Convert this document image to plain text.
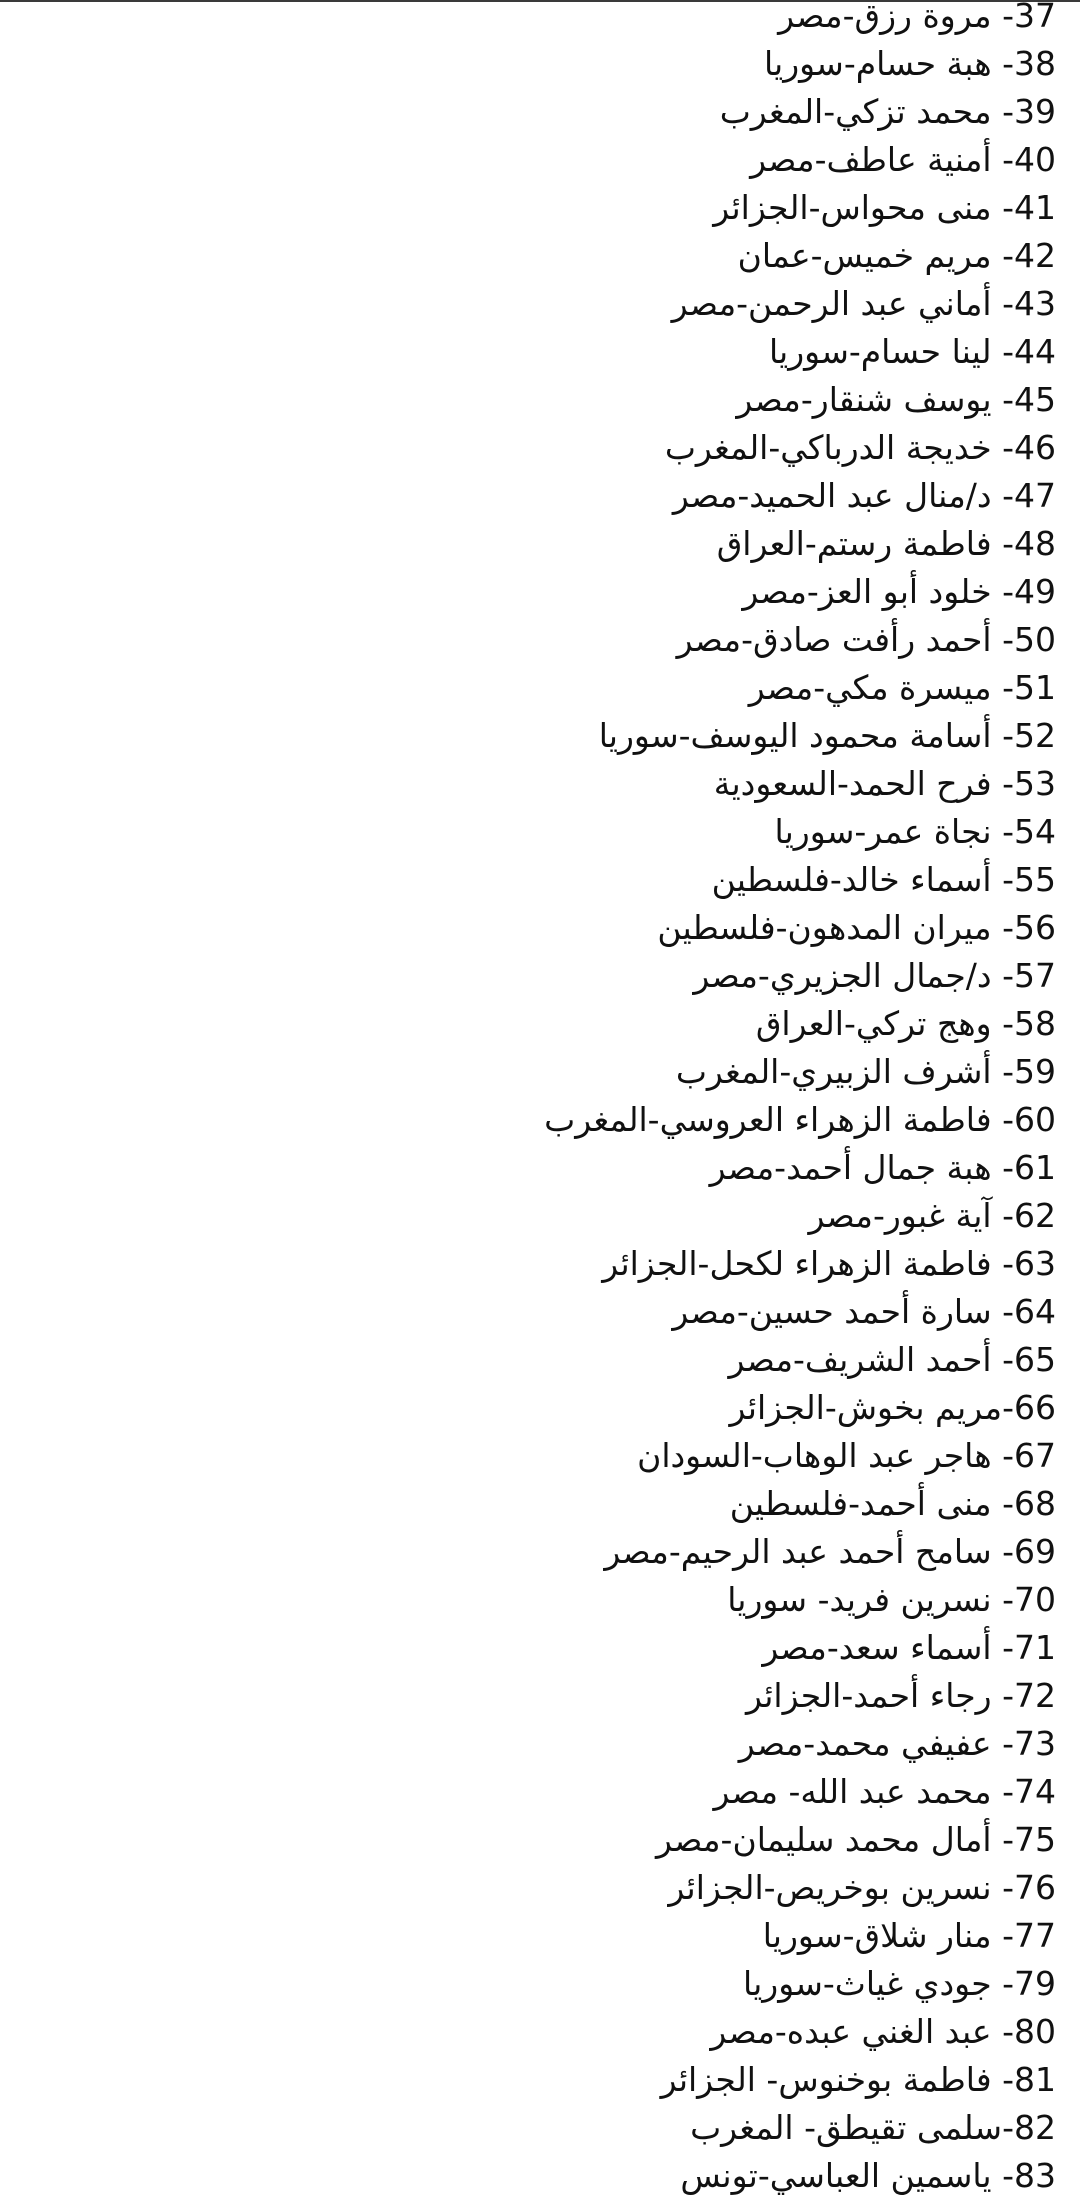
37- مروة رزق-مصر
38- هبة حسام-سوريا
39- محمد تزكي-المغرب
40- أمنية عاطف-مصر
41- منى محواس-الجزائر
42- مريم خميس-عمان
43- أماني عبد الرحمن-مصر
44- لينا حسام-سوريا
45- يوسف شنقار-مصر
46- خديجة الدرباكي-المغرب
47- د/منال عبد الحميد-مصر
48- فاطمة رستم-العراق
49- خلود أبو العز-مصر
50- أحمد رأفت صادق-مصر
51- ميسرة مكي-مصر
52- أسامة محمود اليوسف-سوريا
53- فرح الحمد-السعودية
54- نجاة عمر-سوريا
55- أسماء خالد-فلسطين
56- ميران المدهون-فلسطين
57- د/جمال الجزيري-مصر
58- وهج تركي-العراق
59- أشرف الزبيري-المغرب
60- فاطمة الزهراء العروسي-المغرب
61- هبة جمال أحمد-مصر
62- آية غبور-مصر
63- فاطمة الزهراء لكحل-الجزائر
64- سارة أحمد حسين-مصر
65- أحمد الشريف-مصر
66-مريم بخوش-الجزائر
67- هاجر عبد الوهاب-السودان
68- منى أحمد-فلسطين
69- سامح أحمد عبد الرحيم-مصر
70- نسرين فريد- سوريا
71- أسماء سعد-مصر
72- رجاء أحمد-الجزائر
73- عفيفي محمد-مصر
74- محمد عبد الله- مصر
75- أمال محمد سليمان-مصر
76- نسرين بوخريص-الجزائر
77- منار شلاق-سوريا
79- جودي غياث-سوريا
80- عبد الغني عبده-مصر
81- فاطمة بوخنوس- الجزائر
82-سلمى تقيطق- المغرب
83- ياسمين العباسي-تونس
